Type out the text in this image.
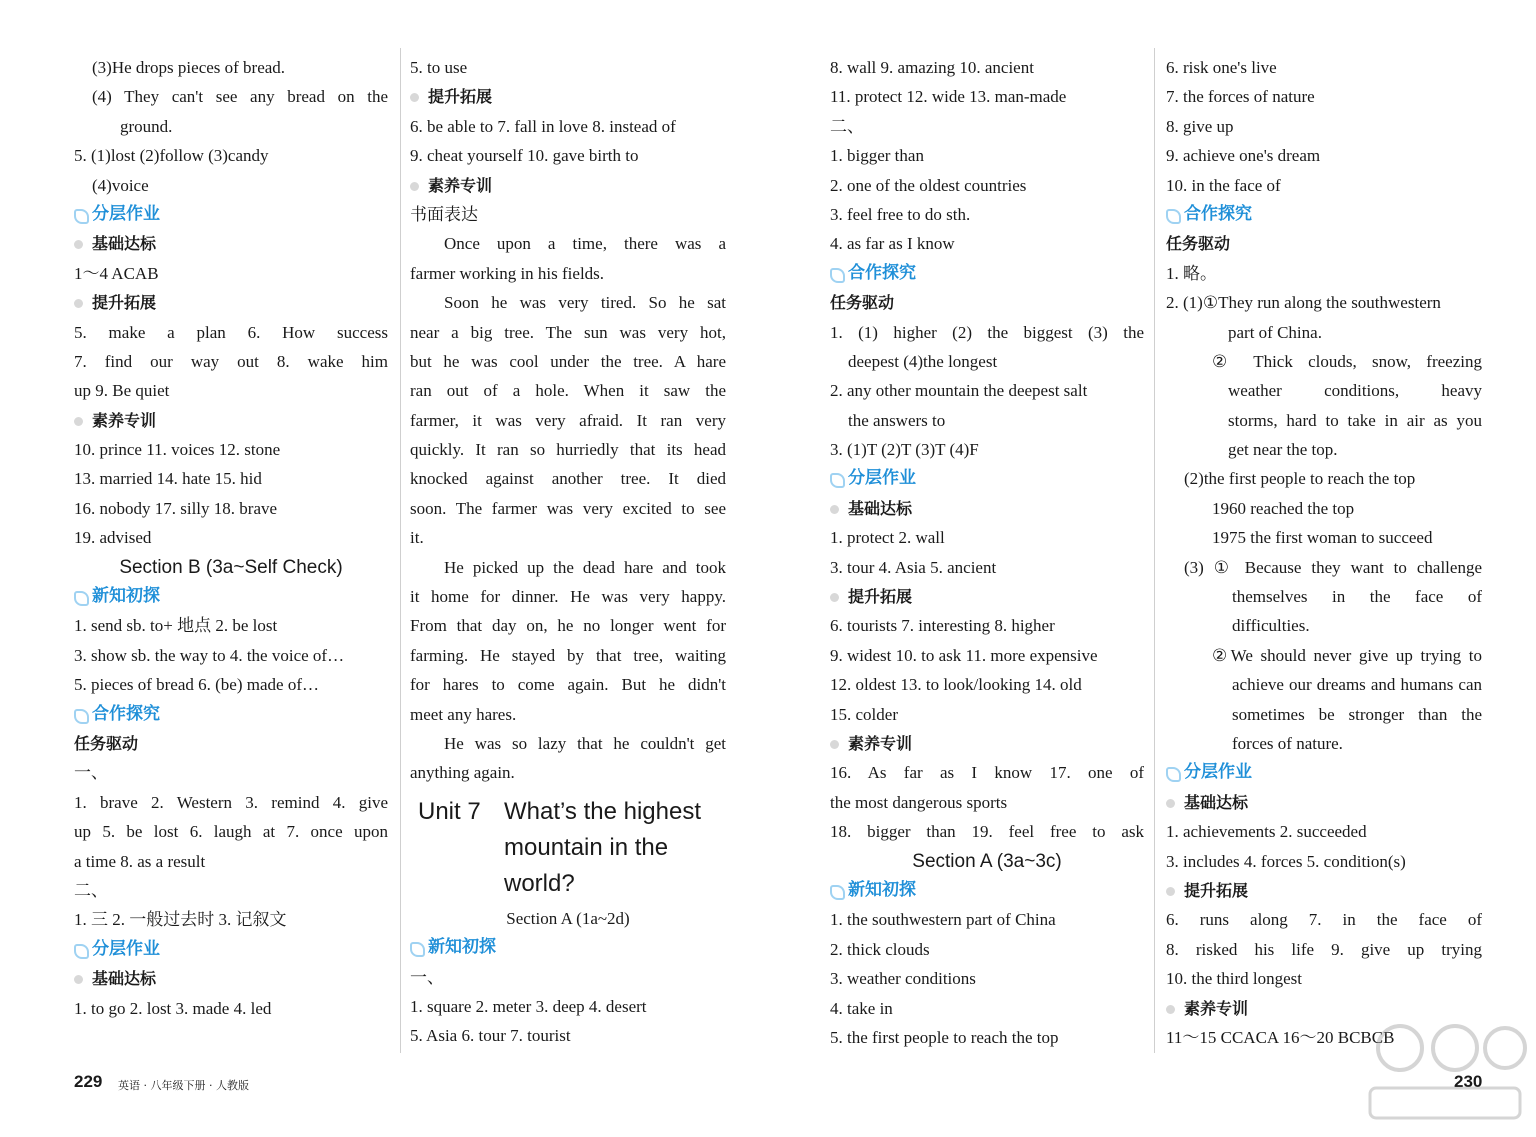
(3)He drops pieces of bread.
(4) They can't see any bread on the
ground.
5. (1)lost (2)follow (3)candy
(4)voice
分层作业
基础达标
1～4 ACAB
提升拓展
5. make a plan 6. How success
7. find our way out 8. wake him
up 9. Be quiet
素养专训
10. prince 11. voices 12. stone
13. married 14. hate 15. hid
16. nobody 17. silly 18. brave
19. advised
Section B (3a~Self Check)
新知初探
1. send sb. to+ 地点 2. be lost
3. show sb. the way to 4. the voice of…
5. pieces of bread 6. (be) made of…
合作探究
任务驱动
一、
1. brave 2. Western 3. remind 4. give
up 5. be lost 6. laugh at 7. once upon
a time 8. as a result
二、
1. 三 2. 一般过去时 3. 记叙文
分层作业
基础达标
1. to go 2. lost 3. made 4. led
5. to use
提升拓展
6. be able to 7. fall in love 8. instead of
9. cheat yourself 10. gave birth to
素养专训
书面表达
Once upon a time, there was a
farmer working in his fields.
Soon he was very tired. So he sat
near a big tree. The sun was very hot,
but he was cool under the tree. A hare
ran out of a hole. When it saw the
farmer, it was very afraid. It ran very
quickly. It ran so hurriedly that its head
knocked against another tree. It died
soon. The farmer was very excited to see
it.
He picked up the dead hare and took
it home for dinner. He was very happy.
From that day on, he no longer went for
farming. He stayed by that tree, waiting
for hares to come again. But he didn't
meet any hares.
He was so lazy that he couldn't get
anything again.
Unit 7 What’s the highest
mountain in the
world?
Section A (1a~2d)
新知初探
一、
1. square 2. meter 3. deep 4. desert
5. Asia 6. tour 7. tourist
8. wall 9. amazing 10. ancient
11. protect 12. wide 13. man-made
二、
1. bigger than
2. one of the oldest countries
3. feel free to do sth.
4. as far as I know
合作探究
任务驱动
1. (1) higher (2) the biggest (3) the
deepest (4)the longest
2. any other mountain the deepest salt
the answers to
3. (1)T (2)T (3)T (4)F
分层作业
基础达标
1. protect 2. wall
3. tour 4. Asia 5. ancient
提升拓展
6. tourists 7. interesting 8. higher
9. widest 10. to ask 11. more expensive
12. oldest 13. to look/looking 14. old
15. colder
素养专训
16. As far as I know 17. one of
the most dangerous sports
18. bigger than 19. feel free to ask
Section A (3a~3c)
新知初探
1. the southwestern part of China
2. thick clouds
3. weather conditions
4. take in
5. the first people to reach the top
6. risk one's live
7. the forces of nature
8. give up
9. achieve one's dream
10. in the face of
合作探究
任务驱动
1. 略。
2. (1)①They run along the southwestern
part of China.
② Thick clouds, snow, freezing
weather conditions, heavy
storms, hard to take in air as you
get near the top.
(2)the first people to reach the top
1960 reached the top
1975 the first woman to succeed
(3) ① Because they want to challenge
themselves in the face of
difficulties.
②We should never give up trying to
achieve our dreams and humans can
sometimes be stronger than the
forces of nature.
分层作业
基础达标
1. achievements 2. succeeded
3. includes 4. forces 5. condition(s)
提升拓展
6. runs along 7. in the face of
8. risked his life 9. give up trying
10. the third longest
素养专训
11～15 CCACA 16～20 BCBCB
229 英语 · 八年级下册 · 人教版	230
